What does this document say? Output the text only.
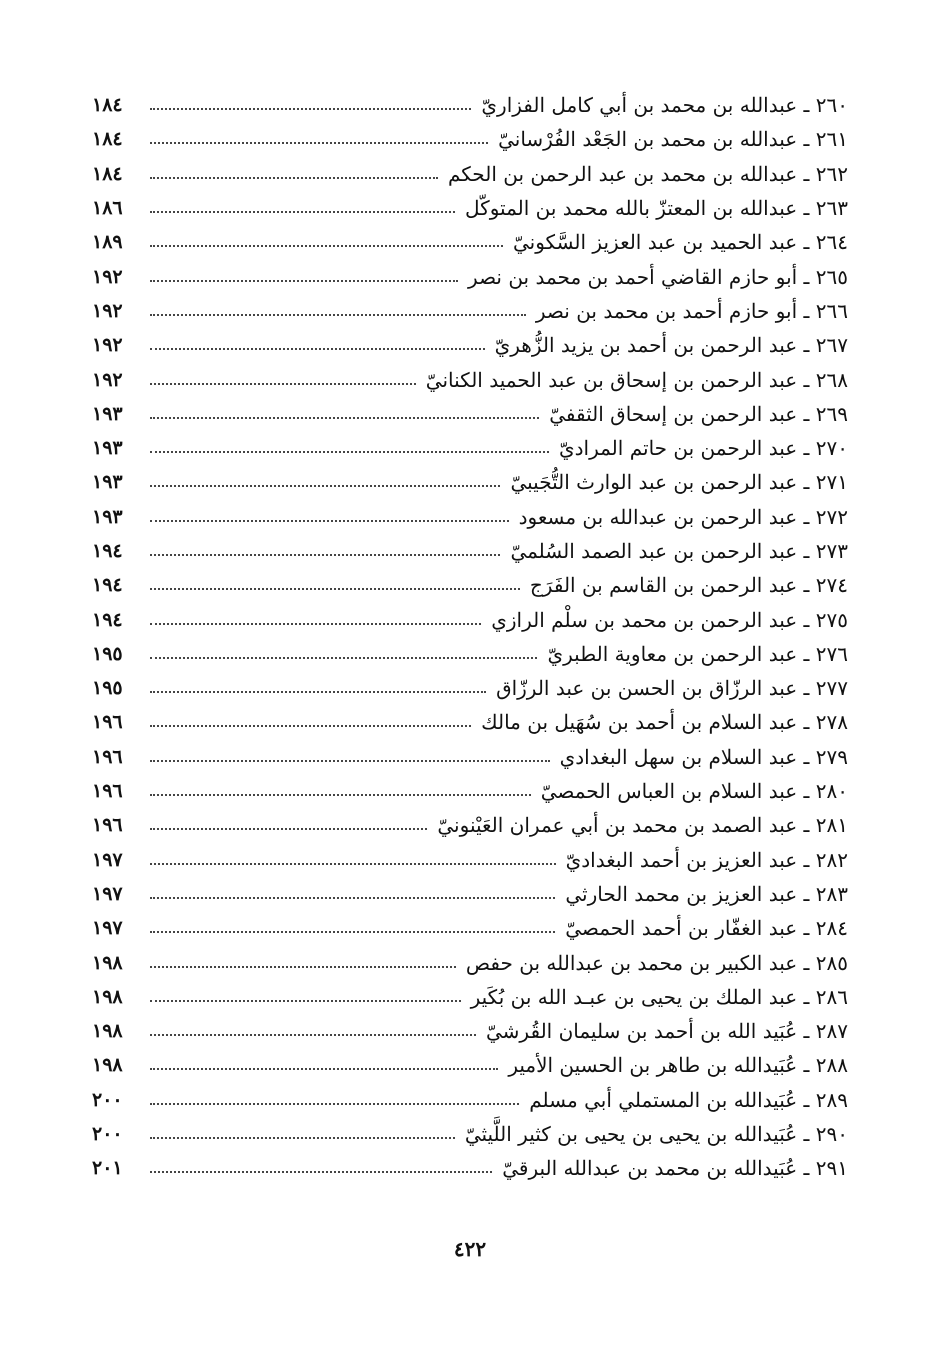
٢٦٠ ـ عبدالله بن محمد بن أبي كامل الفزاريّ
١٨٤
٢٦١ ـ عبدالله بن محمد بن الجَعْد الفُرْسانيّ
١٨٤
٢٦٢ ـ عبدالله بن محمد بن عبد الرحمن بن الحكم
١٨٤
٢٦٣ ـ عبدالله بن المعتزّ بالله محمد بن المتوكّل
١٨٦
٢٦٤ ـ عبد الحميد بن عبد العزيز السَّكونيّ
١٨٩
٢٦٥ ـ أبو حازم القاضي أحمد بن محمد بن نصر
١٩٢
٢٦٦ ـ أبو حازم أحمد بن محمد بن نصر
١٩٢
٢٦٧ ـ عبد الرحمن بن أحمد بن يزيد الزُّهريّ
١٩٢
٢٦٨ ـ عبد الرحمن بن إسحاق بن عبد الحميد الكنانيّ
١٩٢
٢٦٩ ـ عبد الرحمن بن إسحاق الثقفيّ
١٩٣
٢٧٠ ـ عبد الرحمن بن حاتم المراديّ
١٩٣
٢٧١ ـ عبد الرحمن بن عبد الوارث التُّجَيبيّ
١٩٣
٢٧٢ ـ عبد الرحمن بن عبدالله بن مسعود
١٩٣
٢٧٣ ـ عبد الرحمن بن عبد الصمد السُلميّ
١٩٤
٢٧٤ ـ عبد الرحمن بن القاسم بن الفَرَج
١٩٤
٢٧٥ ـ عبد الرحمن بن محمد بن سلْم الرازي
١٩٤
٢٧٦ ـ عبد الرحمن بن معاوية الطبريّ
١٩٥
٢٧٧ ـ عبد الرزّاق بن الحسن بن عبد الرزّاق
١٩٥
٢٧٨ ـ عبد السلام بن أحمد بن سُهَيل بن مالك
١٩٦
٢٧٩ ـ عبد السلام بن سهل البغدادي
١٩٦
٢٨٠ ـ عبد السلام بن العباس الحمصيّ
١٩٦
٢٨١ ـ عبد الصمد بن محمد بن أبي عمران العَيْنونيّ
١٩٦
٢٨٢ ـ عبد العزيز بن أحمد البغداديّ
١٩٧
٢٨٣ ـ عبد العزيز بن محمد الحارثي
١٩٧
٢٨٤ ـ عبد الغفّار بن أحمد الحمصيّ
١٩٧
٢٨٥ ـ عبد الكبير بن محمد بن عبدالله بن حفص
١٩٨
٢٨٦ ـ عبد الملك بن يحيى بن عبـد الله بن بُكَير
١٩٨
٢٨٧ ـ عُبَيد الله بن أحمد بن سليمان القُرشيّ
١٩٨
٢٨٨ ـ عُبَيدالله بن طاهر بن الحسين الأمير
١٩٨
٢٨٩ ـ عُبَيدالله بن المستملي أبي مسلم
٢٠٠
٢٩٠ ـ عُبَيدالله بن يحيى بن يحيى بن كثير اللَّيثيّ
٢٠٠
٢٩١ ـ عُبَيدالله بن محمد بن عبدالله البرقيّ
٢٠١
٤٢٢
